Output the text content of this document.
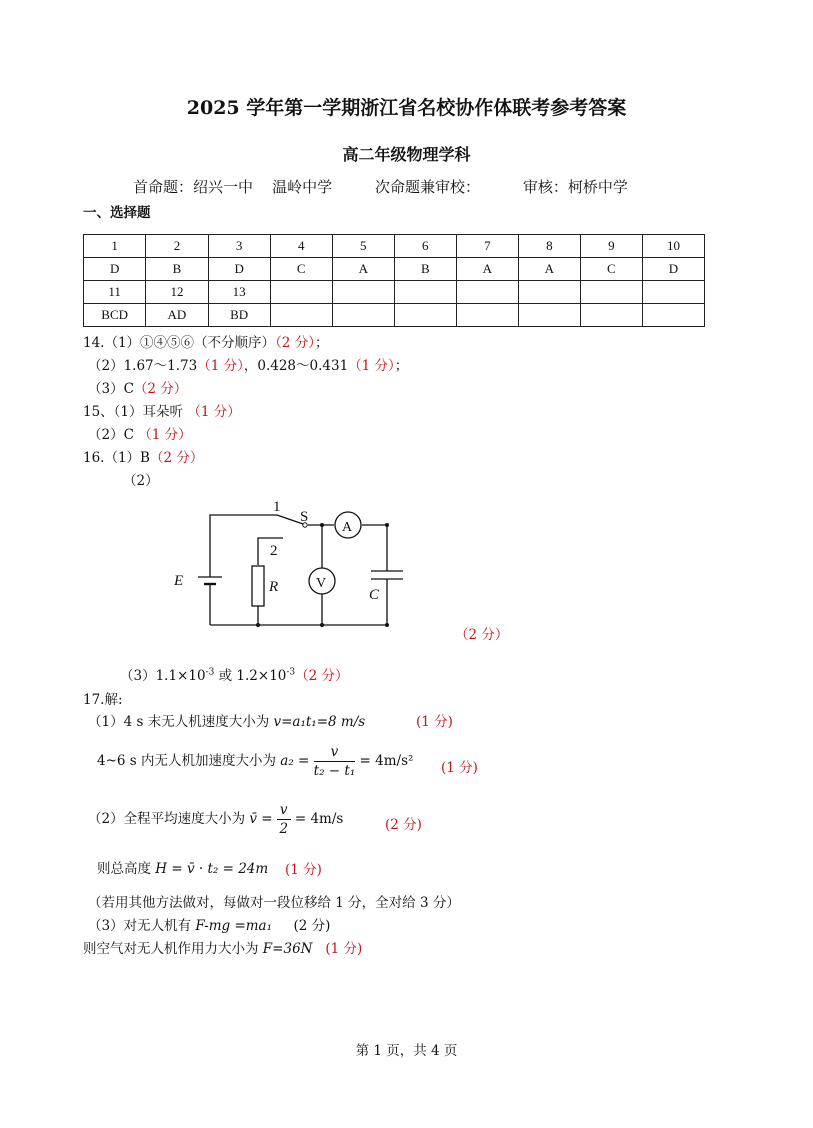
2025 学年第一学期浙江省名校协作体联考参考答案
高二年级物理学科
首命题：绍兴一中    温岭中学         次命题兼审校：         审核：柯桥中学
一、选择题
1	2	3	4	5	6	7	8	9	10
D	B	D	C	A	B	A	A	C	D
11	12	13							
BCD	AD	BD							
14.（1）①④⑤⑥（不分顺序）（2 分）；
（2）1.67～1.73（1 分），0.428～0.431（1 分）；
（3）C（2 分）
15、（1）耳朵听 （1 分）
（2）C （1 分）
16.（1）B（2 分）
（2）
E	R	C
S
A
V
1
2
（2 分）
$(3)1.1\times 10^{-3}$ 或 $1.2\times 10^{-3}(2$ 分）
17.解:
（1）4 s 末无人机速度大小为 v=a₁t₁=8 m/s	(1 分)
4~6 s 内无人机加速度大小为 $a_2 = \frac{v}{\text{t₂ − t₁}} = 4m/s^2$ (1 分)
（2）全程平均速度大小为 v̄ = $\frac{v}{2} = 4m/s$	(2 分)
则总高度 H = v̄ · t₂ = 24m (1 分)
（若用其他方法做对，每做对一段位移给 1 分，全对给 3 分）
（3）对无人机有 F-mg =ma₁ (2 分)
则空气对无人机作用力大小为 F=36N (1 分)
第 1 页，共 4 页
